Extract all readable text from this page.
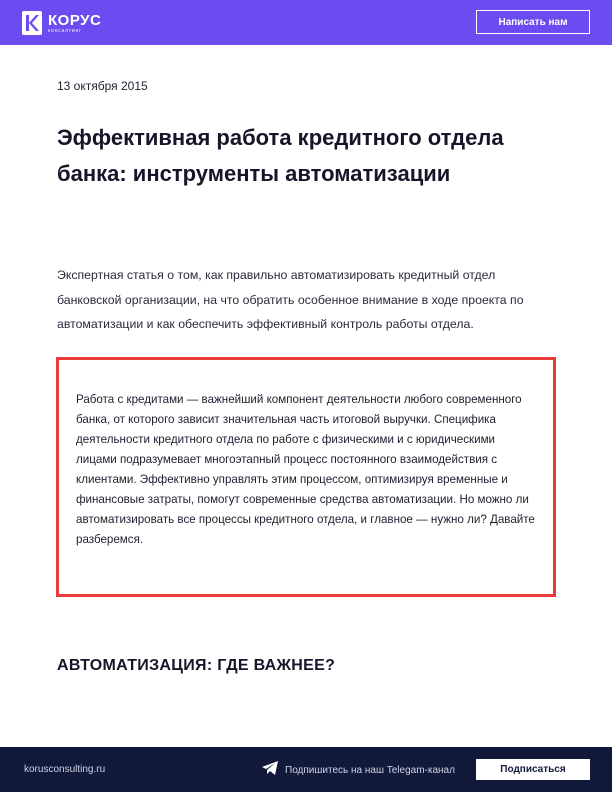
КОРУС
консалтинг
Написать нам
13 октября 2015
Эффективная работа кредитного отдела банка: инструменты автоматизации

Экспертная статья о том, как правильно автоматизировать кредитный отдел банковской организации, на что обратить особенное внимание в ходе проекта по автоматизации и как обеспечить эффективный контроль работы отдела.

Работа с кредитами — важнейший компонент деятельности любого современного банка, от которого зависит значительная часть итоговой выручки. Специфика деятельности кредитного отдела по работе с физическими и с юридическими лицами подразумевает многоэтапный процесс постоянного взаимодействия с клиентами. Эффективно управлять этим процессом, оптимизируя временные и финансовые затраты, помогут современные средства автоматизации. Но можно ли автоматизировать все процессы кредитного отдела, и главное — нужно ли? Давайте разберемся.

АВТОМАТИЗАЦИЯ: ГДЕ ВАЖНЕЕ?
korusconsulting.ru	Подпишитесь на наш Telegam-канал	Подписаться
